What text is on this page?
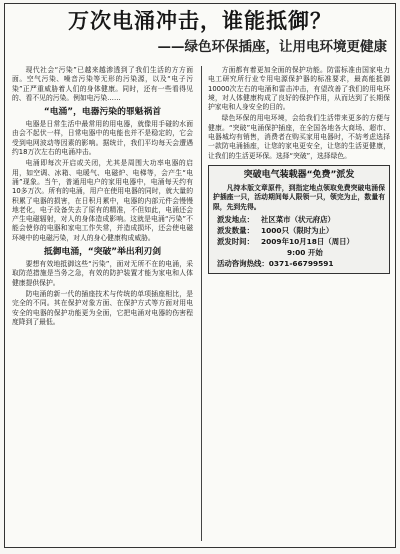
万次电涌冲击，谁能抵御？
——绿色环保插座，让用电环境更健康

现代社会“污染”已越来越渗透到了我们生活的方方面面。空气污染、噪音污染等无形的污染源，以及“电子污染”正严重威胁着人们的身体健康。同时，还有一些看得见的、看不见的污染。例如电污染……

“电涌”，电器污染的罪魁祸首

电器是日常生活中最常用的用电器，就像用手碰的水面由会不起伏一样，日常电器中的电能也并不是稳定的，它会受到电网波动等因素的影响。据统计，我们平均每天会遭遇约18万次左右的电涌冲击。

电涌即每次开启或关闭，尤其是周围大功率电器的启用，如空调、冰箱、电暖气、电磁炉、电梯等，会产生“电涌”现象。当午，普通用电户的家用电器中，电涌每天约有10多万次。所有的电涌，用户在使用电器的同时，就大量的积累了电器的损害，在日积月累中，电器的内部元件会慢慢地老化，电子设备失去了原有的精准，不但如此，电涌还会产生电磁辐射，对人的身体造成影响。这就是电涌“污染”不能会使你的电器和家电工作失常，并造成损坏，还会使电磁环境中的电磁污染，对人的身心健康构成威胁。

抵御电涌，“突破”举出利刃剑

要想有效地抵御这些“污染”，面对无所不在的电涌，采取防范措施是当务之急，有效的防护装置才能为家电和人体健康提供保护。

防电涌的新一代的插座技术与传统的单项插座相比，是完全的不同。其在保护对象方面、在保护方式等方面对用电安全的电器的保护功能更为全面，它把电涌对电器的伤害程度降到了最低。

方面都有着更加全面的保护功能。防雷标准由国家电力电工研究所行业专用电源保护器的标准要求，最高能抵御10000次左右的电涌和雷击冲击，有望改善了我们的用电环境，对人体健康构成了良好的保护作用，从而达到了长期保护家电和人身安全的目的。

绿色环保的用电环境，会给我们生活带来更多的方便与健康。“突破”电涌保护插座，在全国各地各大商场、超市、电器城均有销售，消费者在购买家用电器时，不妨考虑选择一款防电涌插座，让您的家电更安全，让您的生活更健康，让我们的生活更环保。选择“突破”，选择绿色。

突破电气装载器“免费”派发

凡持本版文章原件，到指定地点领取免费突破电涌保护插座一只，活动期间每人限领一只，领完为止，数量有限，先到先得。

派发地点： 社区菜市（状元府店）
派发数量： 1000只（限时为止）
派发时间： 2009年10月18日（周日）
9:00 开始
活动咨询热线：0371-66799591
